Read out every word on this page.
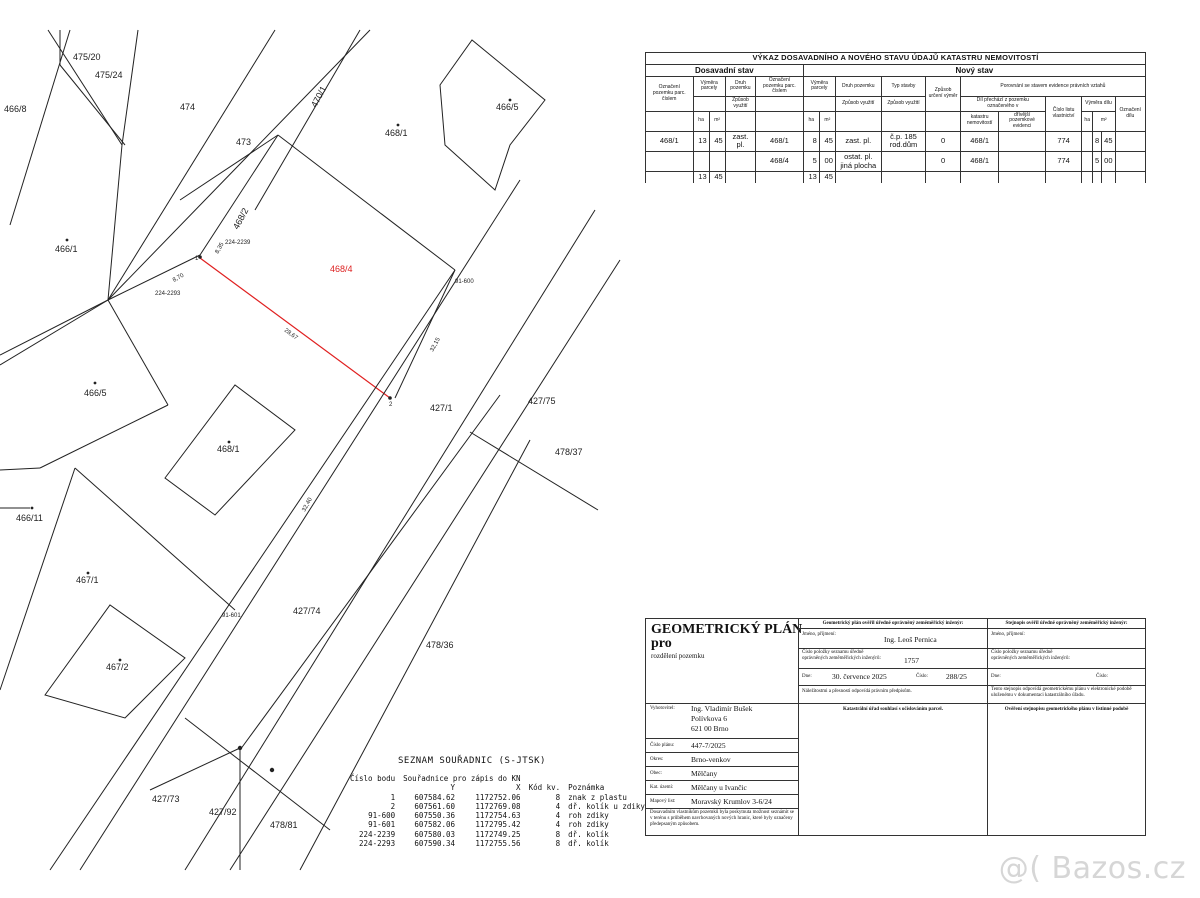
475/20
475/24
466/8	474	470/1
473
468/1
466/5
466/1
468/2
468/4
466/5
427/1
427/75
478/37
468/1
466/11
467/1
427/74
478/36
467/2
427/73
427/92
478/81
1
2
224-2239
224-2293
91-600
91-601
8,70
8,35
28,67
32,15
32,40
VÝKAZ DOSAVADNÍHO A NOVÉHO STAVU ÚDAJŮ KATASTRU NEMOVITOSTÍ																
Dosavadní stav					Nový stav											
Označení pozemku parc. číslem	Výměra parcely		Druh pozemku	Označení pozemku parc. číslem	Výměra parcely		Druh pozemku	Typ stavby	Způsob určení výměr	Porovnání se stavem evidence právních vztahů						
			Způsob využití				Způsob využití	Způsob využití		Díl přechází z pozemku označeného v		Číslo listu vlastnictví	Výměra dílu			Označení dílu
	ha	m²			ha	m²				katastru nemovitostí	dřívější pozemkové evidenci		ha	m²		
468/1	13	45	zast. pl.	468/1	8	45	zast. pl.	č.p. 185 rod.dům	0	468/1		774		8	45	
				468/4	5	00	ostat. pl. jiná plocha		0	468/1		774		5	00	
	13	45			13	45										
SEZNAM SOUŘADNIC (S-JTSK)
Číslo bodu	Souřadnice pro zápis do KN			
	Y	X	Kód kv.	Poznámka
1	607584.62	1172752.06	8	znak z plastu
2	607561.60	1172769.08	4	dř. kolík u zdiky
91-600	607550.36	1172754.63	4	roh zdiky
91-601	607582.06	1172795.42	4	roh zdiky
224-2239	607580.03	1172749.25	8	dř. kolík
224-2293	607590.34	1172755.56	8	dř. kolík
GEOMETRICKÝ PLÁN
pro
rozdělení pozemku
Geometrický plán ověřil úředně oprávněný zeměměřický inženýr:
Jméno, příjmení:
Ing. Leoš Pernica
Číslo položky seznamu úředně oprávněných zeměměřických inženýrů:	1757
Dne:	30. července 2025	Číslo: 288/25
Náležitostmi a přesností odpovídá právním předpisům.
Stejnopis ověřil úředně oprávněný zeměměřický inženýr:
Jméno, příjmení:
Číslo položky seznamu úředně oprávněných zeměměřických inženýrů:
Dne:	Číslo:
Tento stejnopis odpovídá geometrickému plánu v elektronické podobě uloženému v dokumentaci katastrálního úřadu.
Vyhotovitel: Ing. Vladimír Bušek
Polívkova 6
621 00 Brno
Číslo plánu: 447-7/2025
Okres:	Brno-venkov
Obec:	Mělčany
Kat. území: Mělčany u Ivančic
Mapový list: Moravský Krumlov 3-6/24
Dosavadním vlastníkům pozemků byla poskytnuta možnost seznámit se v terénu s průběhem navrhovaných nových hranic, které byly označeny předepsaným způsobem.
Katastrální úřad souhlasí s očíslováním parcel.	Ověření stejnopisu geometrického plánu v listinné podobě
@( Bazos.cz
